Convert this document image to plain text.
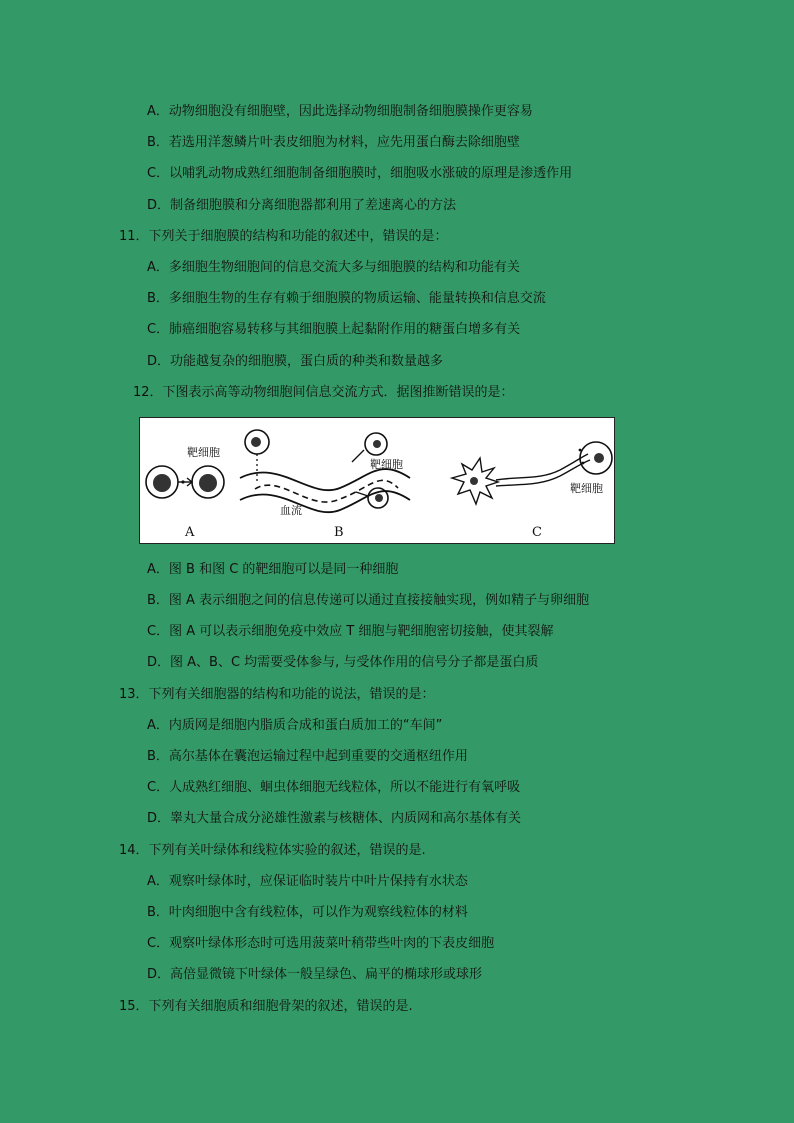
A．动物细胞没有细胞壁，因此选择动物细胞制备细胞膜操作更容易
B．若选用洋葱鳞片叶表皮细胞为材料，应先用蛋白酶去除细胞壁
C．以哺乳动物成熟红细胞制备细胞膜时，细胞吸水涨破的原理是渗透作用
D．制备细胞膜和分离细胞器都利用了差速离心的方法
11．下列关于细胞膜的结构和功能的叙述中，错误的是：
A．多细胞生物细胞间的信息交流大多与细胞膜的结构和功能有关
B．多细胞生物的生存有赖于细胞膜的物质运输、能量转换和信息交流
C．肺癌细胞容易转移与其细胞膜上起黏附作用的糖蛋白增多有关
D．功能越复杂的细胞膜，蛋白质的种类和数量越多
12．下图表示高等动物细胞间信息交流方式．据图推断错误的是：
靶细胞
A
靶细胞
血流
B
靶细胞
C
A．图 B 和图 C 的靶细胞可以是同一种细胞
B．图 A 表示细胞之间的信息传递可以通过直接接触实现，例如精子与卵细胞
C．图 A 可以表示细胞免疫中效应 T 细胞与靶细胞密切接触，使其裂解
D．图 A、B、C 均需要受体参与, 与受体作用的信号分子都是蛋白质
13．下列有关细胞器的结构和功能的说法，错误的是：
A．内质网是细胞内脂质合成和蛋白质加工的“车间”
B．高尔基体在囊泡运输过程中起到重要的交通枢纽作用
C．人成熟红细胞、蛔虫体细胞无线粒体，所以不能进行有氧呼吸
D．睾丸大量合成分泌雄性激素与核糖体、内质网和高尔基体有关
14．下列有关叶绿体和线粒体实验的叙述，错误的是.
A．观察叶绿体时，应保证临时装片中叶片保持有水状态
B．叶肉细胞中含有线粒体，可以作为观察线粒体的材料
C．观察叶绿体形态时可选用菠菜叶稍带些叶肉的下表皮细胞
D．高倍显微镜下叶绿体一般呈绿色、扁平的椭球形或球形
15．下列有关细胞质和细胞骨架的叙述，错误的是.
